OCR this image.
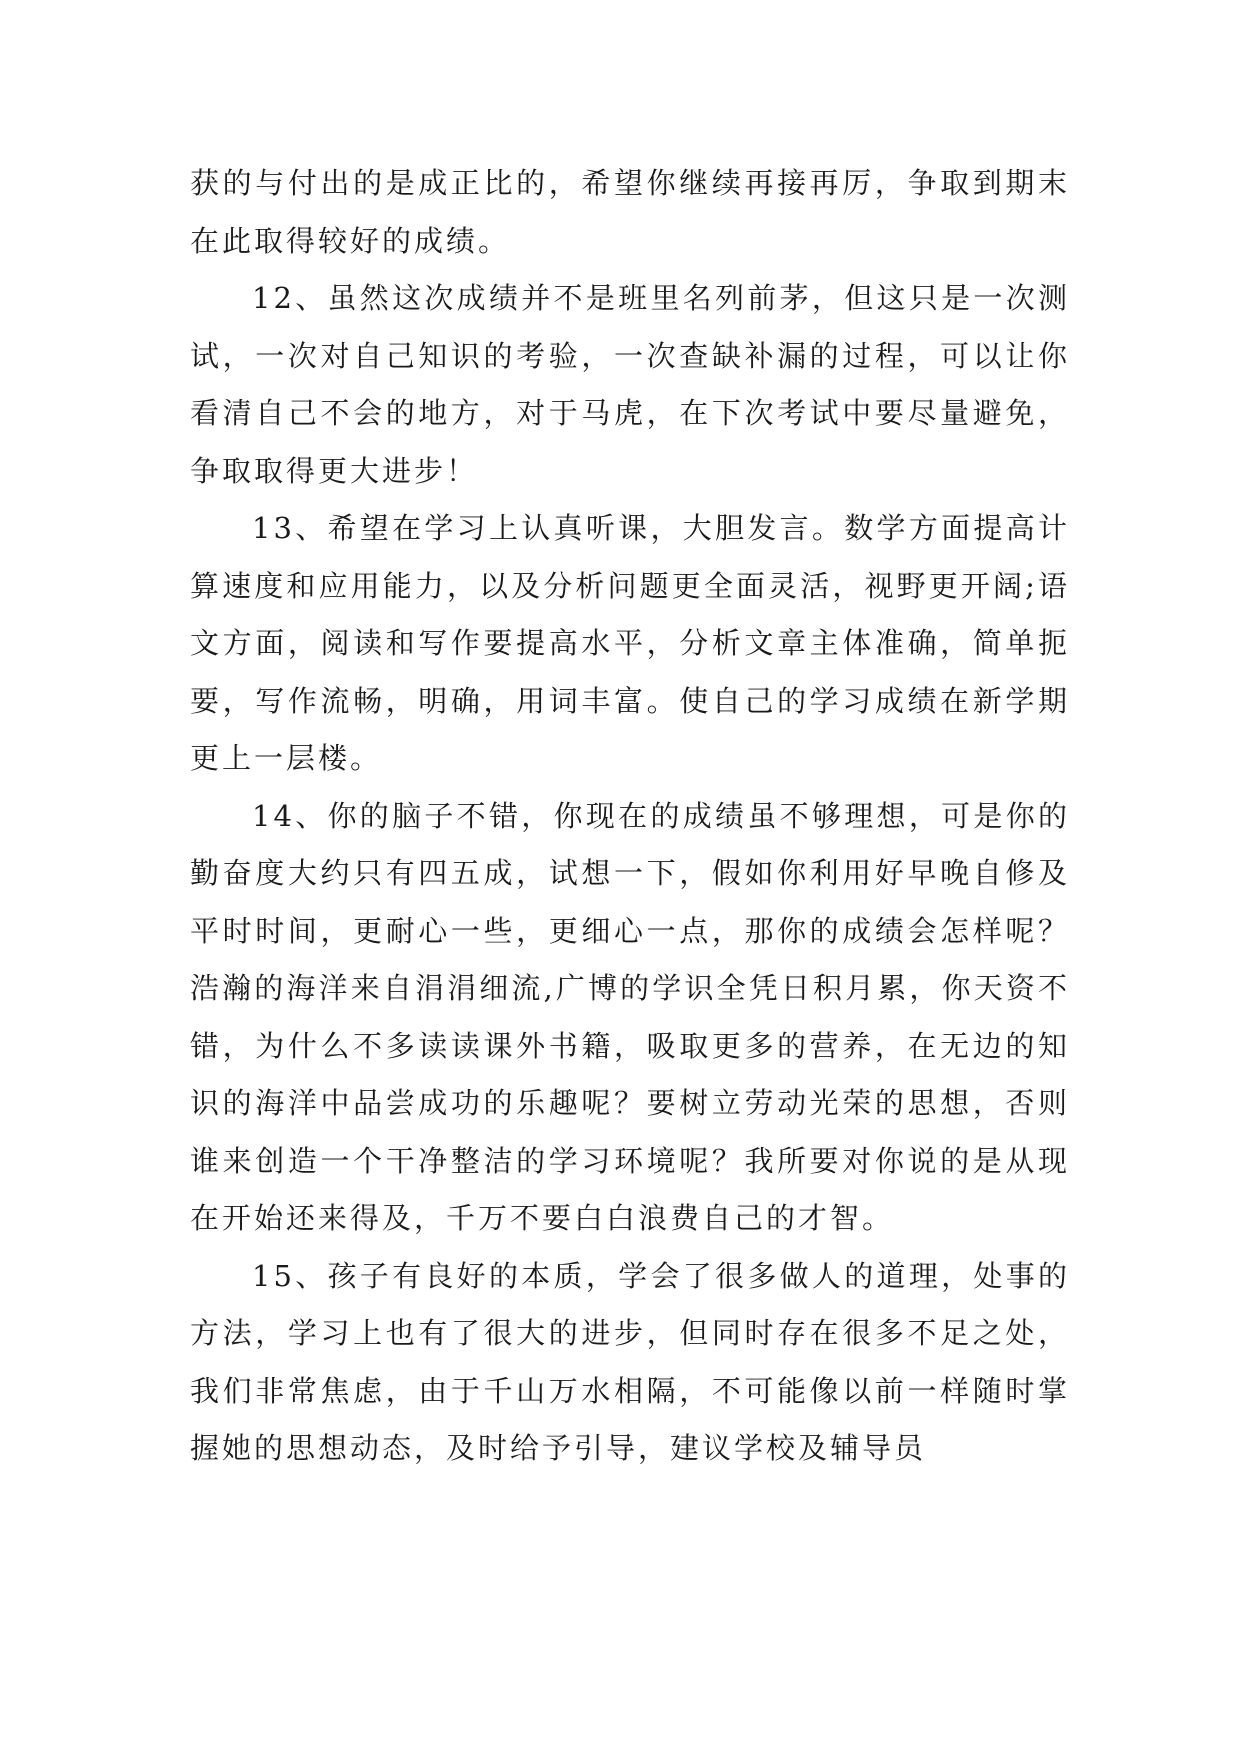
获的与付出的是成正比的，希望你继续再接再厉，争取到期末在此取得较好的成绩。

12、虽然这次成绩并不是班里名列前茅，但这只是一次测试，一次对自己知识的考验，一次查缺补漏的过程，可以让你看清自己不会的地方，对于马虎，在下次考试中要尽量避免，争取取得更大进步！

13、希望在学习上认真听课，大胆发言。数学方面提高计算速度和应用能力，以及分析问题更全面灵活，视野更开阔;语文方面，阅读和写作要提高水平，分析文章主体准确，简单扼要，写作流畅，明确，用词丰富。使自己的学习成绩在新学期更上一层楼。

14、你的脑子不错，你现在的成绩虽不够理想，可是你的勤奋度大约只有四五成，试想一下，假如你利用好早晚自修及平时时间，更耐心一些，更细心一点，那你的成绩会怎样呢？浩瀚的海洋来自涓涓细流,广博的学识全凭日积月累，你天资不错，为什么不多读读课外书籍，吸取更多的营养，在无边的知识的海洋中品尝成功的乐趣呢？要树立劳动光荣的思想，否则谁来创造一个干净整洁的学习环境呢？我所要对你说的是从现在开始还来得及，千万不要白白浪费自己的才智。

15、孩子有良好的本质，学会了很多做人的道理，处事的方法，学习上也有了很大的进步，但同时存在很多不足之处，我们非常焦虑，由于千山万水相隔，不可能像以前一样随时掌握她的思想动态，及时给予引导，建议学校及辅导员
